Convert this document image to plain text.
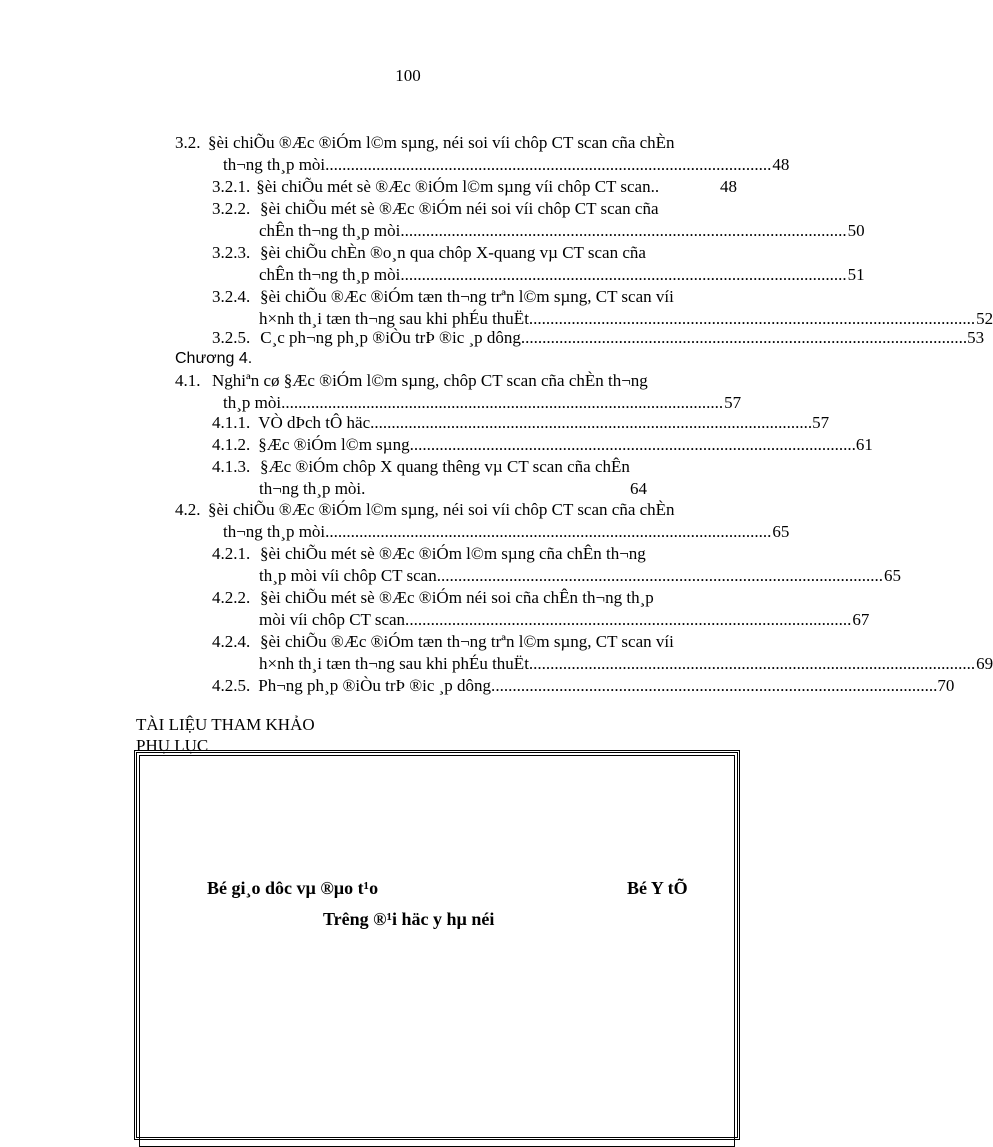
100
3.2. §èi chiÕu ®Æc ®iÓm l©m sµng, néi soi víi chôp CT scan cña chÈn
th¬ng th¸p mòi. ........................................................................................................ 48
3.2.1. §èi chiÕu mét sè ®Æc ®iÓm l©m sµng víi chôp CT scan..	48
3.2.2. §èi chiÕu mét sè ®Æc ®iÓm néi soi víi chôp CT scan cña
chÊn th¬ng th¸p mòi. ........................................................................................................ 50
3.2.3. §èi chiÕu chÈn ®o¸n qua chôp X-quang vµ CT scan cña
chÊn th¬ng th¸p mòi. ........................................................................................................ 51
3.2.4. §èi chiÕu ®Æc ®iÓm tæn th¬ng trªn l©m sµng, CT scan víi
h×nh th¸i tæn th¬ng sau khi phÉu thuËt. ........................................................................................................ 52
3.2.5. C¸c ph¬ng ph¸p ®iÒu trÞ ®ic ¸p dông. ........................................................................................................ 53
Chương 4.
4.1. Nghiªn cø §Æc ®iÓm l©m sµng, chôp CT scan cña chÈn th¬ng
th¸p mòi ........................................................................................................ 57
4.1.1. VÒ dÞch tÔ häc ........................................................................................................ 57
4.1.2. §Æc ®iÓm l©m sµng. ........................................................................................................ 61
4.1.3. §Æc ®iÓm chôp X quang thêng vµ CT scan cña chÊn
th¬ng th¸p mòi.	64
4.2. §èi chiÕu ®Æc ®iÓm l©m sµng, néi soi víi chôp CT scan cña chÈn
th¬ng th¸p mòi. ........................................................................................................ 65
4.2.1. §èi chiÕu mét sè ®Æc ®iÓm l©m sµng cña chÊn th¬ng
th¸p mòi víi chôp CT scan. ........................................................................................................ 65
4.2.2. §èi chiÕu mét sè ®Æc ®iÓm néi soi cña chÊn th¬ng th¸p
mòi víi chôp CT scan. ........................................................................................................ 67
4.2.4. §èi chiÕu ®Æc ®iÓm tæn th¬ng trªn l©m sµng, CT scan víi
h×nh th¸i tæn th¬ng sau khi phÉu thuËt. ........................................................................................................ 69
4.2.5. Ph¬ng ph¸p ®iÒu trÞ ®ic ¸p dông. ........................................................................................................ 70
TÀI LIỆU THAM KHẢO
PHỤ LỤC
Bé gi¸o dôc vµ ®µo t¹o	Bé Y tÕ
Trêng ®¹i häc y hµ néi
